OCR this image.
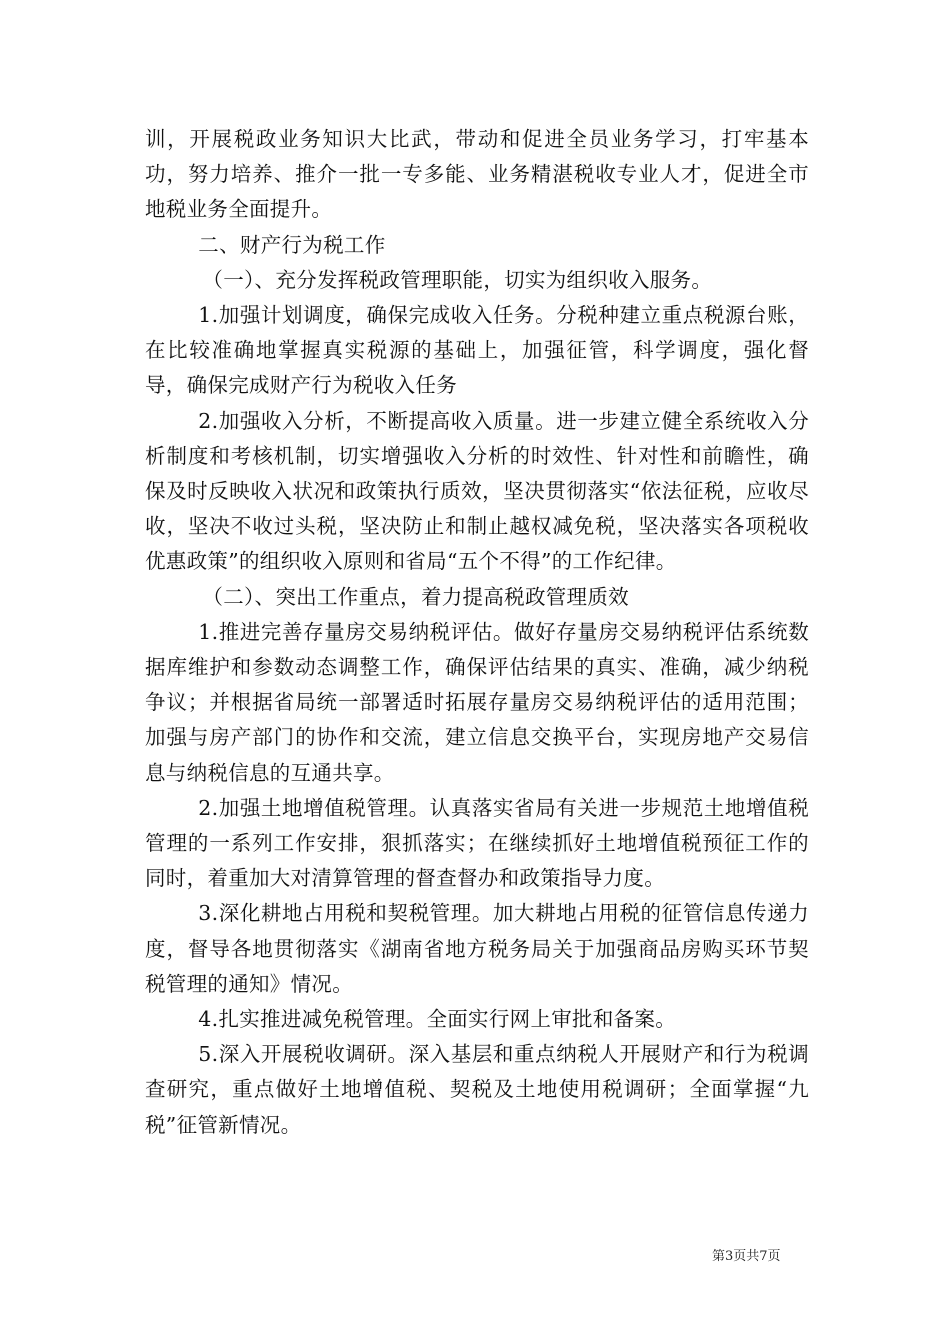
训，开展税政业务知识大比武，带动和促进全员业务学习，打牢基本功，努力培养、推介一批一专多能、业务精湛税收专业人才，促进全市地税业务全面提升。

二、财产行为税工作

（一）、充分发挥税政管理职能，切实为组织收入服务。

1.加强计划调度，确保完成收入任务。分税种建立重点税源台账，在比较准确地掌握真实税源的基础上，加强征管，科学调度，强化督导，确保完成财产行为税收入任务

2.加强收入分析，不断提高收入质量。进一步建立健全系统收入分析制度和考核机制，切实增强收入分析的时效性、针对性和前瞻性，确保及时反映收入状况和政策执行质效，坚决贯彻落实“依法征税，应收尽收，坚决不收过头税，坚决防止和制止越权减免税，坚决落实各项税收优惠政策”的组织收入原则和省局“五个不得”的工作纪律。

（二）、突出工作重点，着力提高税政管理质效

1.推进完善存量房交易纳税评估。做好存量房交易纳税评估系统数据库维护和参数动态调整工作，确保评估结果的真实、准确，减少纳税争议；并根据省局统一部署适时拓展存量房交易纳税评估的适用范围；加强与房产部门的协作和交流，建立信息交换平台，实现房地产交易信息与纳税信息的互通共享。

2.加强土地增值税管理。认真落实省局有关进一步规范土地增值税管理的一系列工作安排，狠抓落实；在继续抓好土地增值税预征工作的同时，着重加大对清算管理的督查督办和政策指导力度。

3.深化耕地占用税和契税管理。加大耕地占用税的征管信息传递力度，督导各地贯彻落实《湖南省地方税务局关于加强商品房购买环节契税管理的通知》情况。

4.扎实推进减免税管理。全面实行网上审批和备案。

5.深入开展税收调研。深入基层和重点纳税人开展财产和行为税调查研究，重点做好土地增值税、契税及土地使用税调研；全面掌握“九税”征管新情况。

第3页共7页
